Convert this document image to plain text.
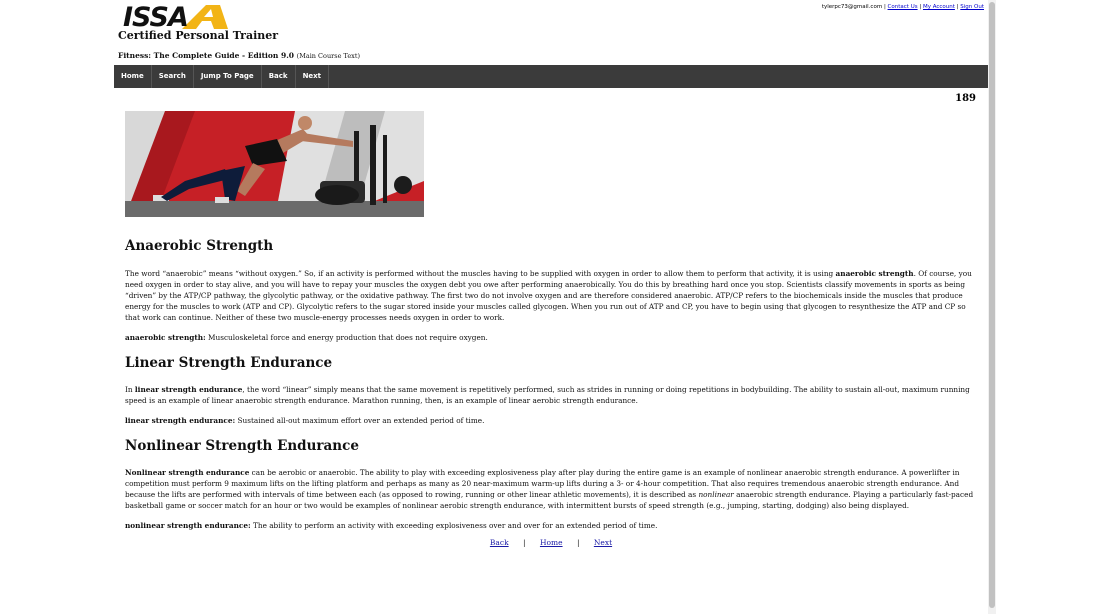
ISSA
Certified Personal Trainer
Fitness: The Complete Guide - Edition 9.0 (Main Course Text)
tylerpc73@gmail.com | Contact Us | My Account | Sign Out
Home	Search	Jump To Page	Back	Next
189
Anaerobic Strength

The word “anaerobic” means “without oxygen.” So, if an activity is performed without the muscles having to be supplied with oxygen in order to allow them to perform that activity, it is using anaerobic strength. Of course, you need oxygen in order to stay alive, and you will have to repay your muscles the oxygen debt you owe after performing anaerobically. You do this by breathing hard once you stop. Scientists classify movements in sports as being “driven” by the ATP/CP pathway, the glycolytic pathway, or the oxidative pathway. The first two do not involve oxygen and are therefore considered anaerobic. ATP/CP refers to the biochemicals inside the muscles that produce energy for the muscles to work (ATP and CP). Glycolytic refers to the sugar stored inside your muscles called glycogen. When you run out of ATP and CP, you have to begin using that glycogen to resynthesize the ATP and CP so that work can continue. Neither of these two muscle-energy processes needs oxygen in order to work.

anaerobic strength: Musculoskeletal force and energy production that does not require oxygen.

Linear Strength Endurance

In linear strength endurance, the word “linear” simply means that the same movement is repetitively performed, such as strides in running or doing repetitions in bodybuilding. The ability to sustain all-out, maximum running speed is an example of linear anaerobic strength endurance. Marathon running, then, is an example of linear aerobic strength endurance.

linear strength endurance: Sustained all-out maximum effort over an extended period of time.

Nonlinear Strength Endurance

Nonlinear strength endurance can be aerobic or anaerobic. The ability to play with exceeding explosiveness play after play during the entire game is an example of nonlinear anaerobic strength endurance. A powerlifter in competition must perform 9 maximum lifts on the lifting platform and perhaps as many as 20 near-maximum warm-up lifts during a 3- or 4-hour competition. That also requires tremendous anaerobic strength endurance. And because the lifts are performed with intervals of time between each (as opposed to rowing, running or other linear athletic movements), it is described as nonlinear anaerobic strength endurance. Playing a particularly fast-paced basketball game or soccer match for an hour or two would be examples of nonlinear aerobic strength endurance, with intermittent bursts of speed strength (e.g., jumping, starting, dodging) also being displayed.

nonlinear strength endurance: The ability to perform an activity with exceeding explosiveness over and over for an extended period of time.

Back | Home | Next
